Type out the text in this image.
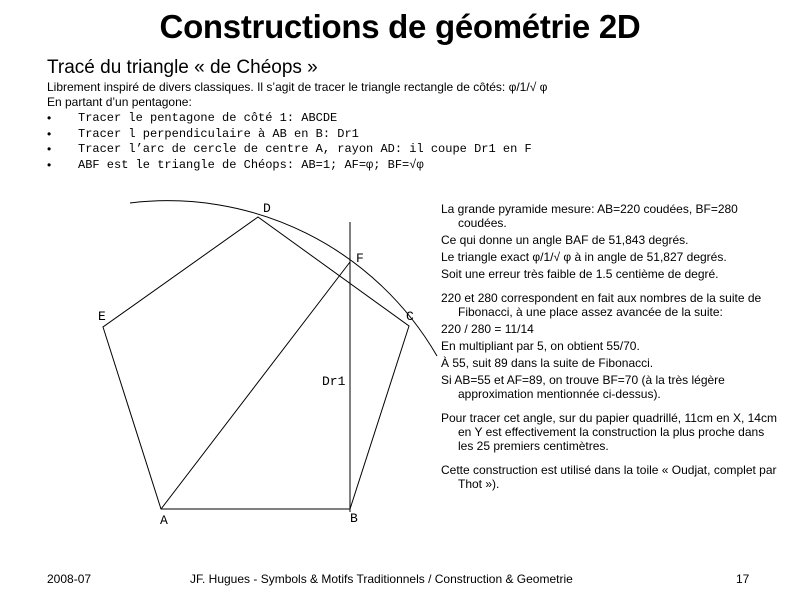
Constructions de géométrie 2D
Tracé du triangle « de Chéops »
Librement inspiré de divers classiques. Il s’agit de tracer le triangle rectangle de côtés: φ/1/√ φ
En partant d’un pentagone:
• Tracer le pentagone de côté 1: ABCDE
• Tracer l perpendiculaire à AB en B: Dr1
• Tracer l’arc de cercle de centre A, rayon AD: il coupe Dr1 en F
• ABF est le triangle de Chéops: AB=1; AF=φ; BF=√φ
A	B
C
D
E
F
Dr1

La grande pyramide mesure: AB=220 coudées, BF=280 coudées.

Ce qui donne un angle BAF de 51,843 degrés.

Le triangle exact φ/1/√ φ à in angle de 51,827 degrés.

Soit une erreur très faible de 1.5 centième de degré.

220 et 280 correspondent en fait aux nombres de la suite de Fibonacci, à une place assez avancée de la suite:

220 / 280 = 11/14

En multipliant par 5, on obtient 55/70.

À 55, suit 89 dans la suite de Fibonacci.

Si AB=55 et AF=89, on trouve BF=70 (à la très légère approximation mentionnée ci-dessus).

Pour tracer cet angle, sur du papier quadrillé, 11cm en X, 14cm en Y est effectivement la construction la plus proche dans les 25 premiers centimètres.

Cette construction est utilisé dans la toile « Oudjat, complet par Thot »).

2008-07	JF. Hugues - Symbols & Motifs Traditionnels / Construction & Geometrie	17
